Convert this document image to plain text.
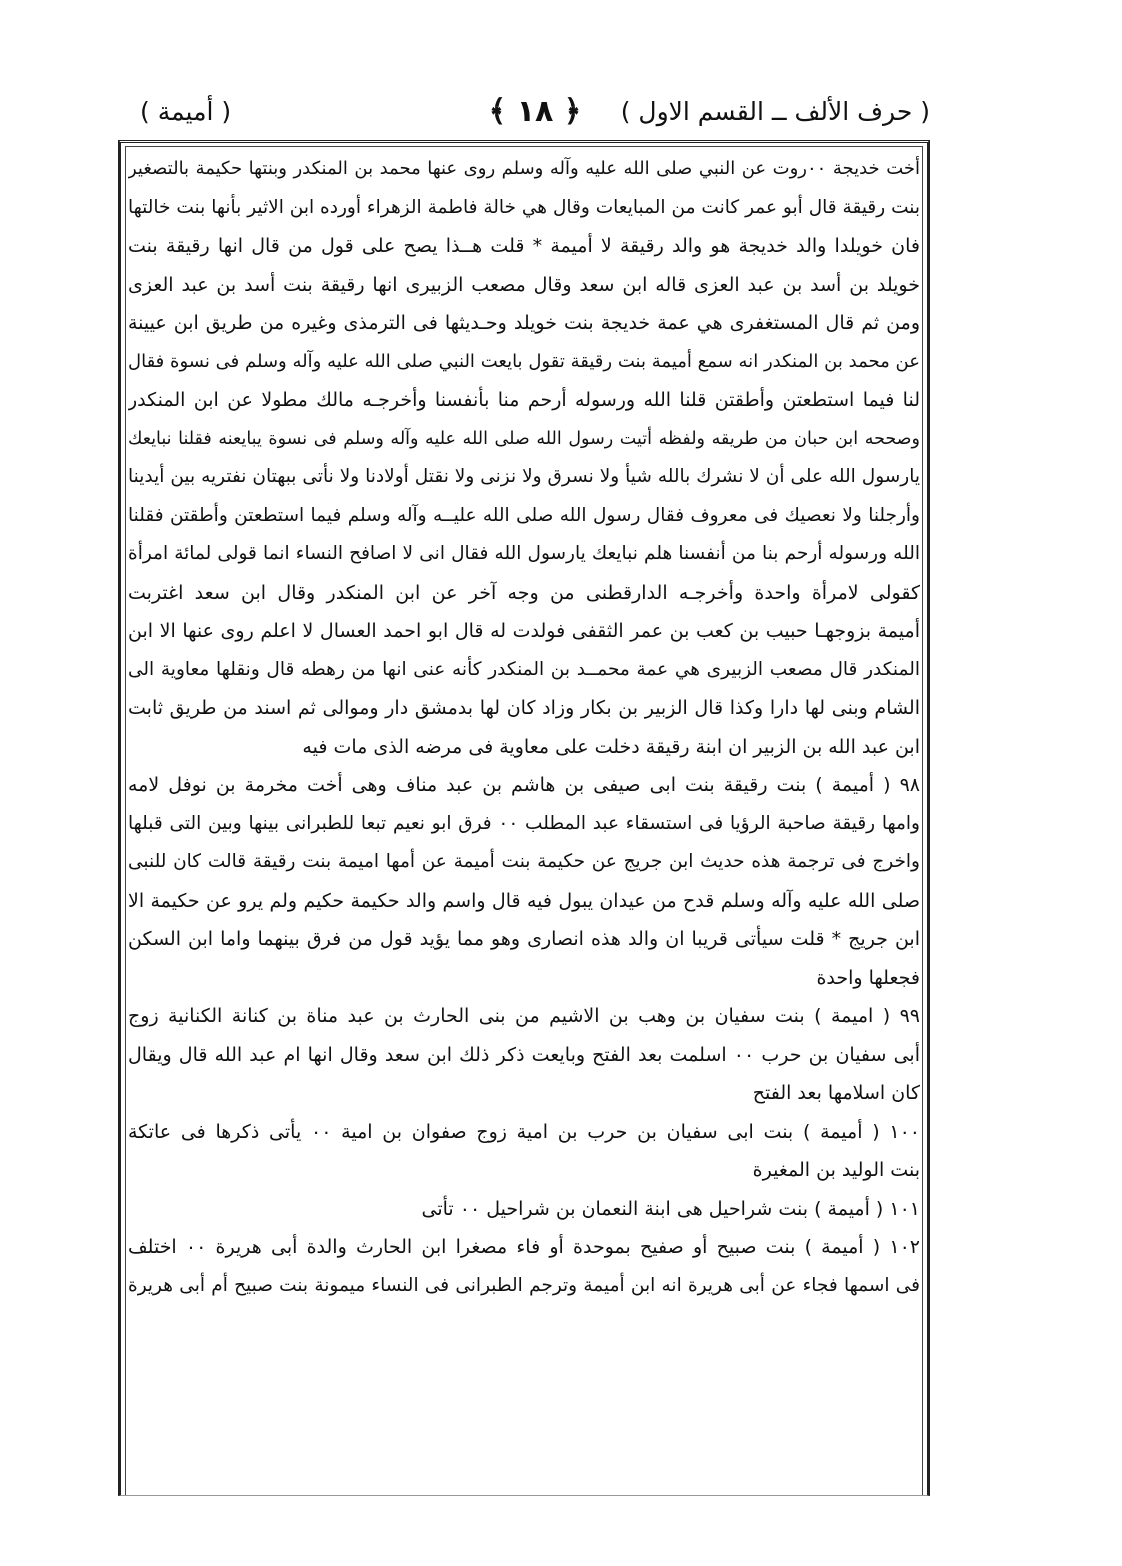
( حرف الألف ــ القسم الاول )
﴿ ١٨ ﴾
( أميمة )
أخت خديجة ٠٠روت عن النبي صلى الله عليه وآله وسلم روى عنها محمد بن المنكدر وبنتها حكيمة بالتصغير
بنت رقيقة قال أبو عمر كانت من المبايعات وقال هي خالة فاطمة الزهراء أورده ابن الاثير بأنها بنت خالتها
فان خويلدا والد خديجة هو والد رقيقة لا أميمة * قلت هــذا يصح على قول من قال انها رقيقة بنت
خويلد بن أسد بن عبد العزى قاله ابن سعد وقال مصعب الزبيرى انها رقيقة بنت أسد بن عبد العزى
ومن ثم قال المستغفرى هي عمة خديجة بنت خويلد وحـديثها فى الترمذى وغيره من طريق ابن عيينة
عن محمد بن المنكدر انه سمع أميمة بنت رقيقة تقول بايعت النبي صلى الله عليه وآله وسلم فى نسوة فقال
لنا فيما استطعتن وأطقتن قلنا الله ورسوله أرحم منا بأنفسنا وأخرجـه مالك مطولا عن ابن المنكدر
وصححه ابن حبان من طريقه ولفظه أتيت رسول الله صلى الله عليه وآله وسلم فى نسوة يبايعنه فقلنا نبايعك
يارسول الله على أن لا نشرك بالله شيأ ولا نسرق ولا نزنى ولا نقتل أولادنا ولا نأتى ببهتان نفتريه بين أيدينا
وأرجلنا ولا نعصيك فى معروف فقال رسول الله صلى الله عليــه وآله وسلم فيما استطعتن وأطقتن فقلنا
الله ورسوله أرحم بنا من أنفسنا هلم نبايعك يارسول الله فقال انى لا اصافح النساء انما قولى لمائة امرأة
كقولى لامرأة واحدة وأخرجـه الدارقطنى من وجه آخر عن ابن المنكدر وقال ابن سعد اغتربت
أميمة بزوجهـا حبيب بن كعب بن عمر الثقفى فولدت له قال ابو احمد العسال لا اعلم روى عنها الا ابن
المنكدر قال مصعب الزبيرى هي عمة محمــد بن المنكدر كأنه عنى انها من رهطه قال ونقلها معاوية الى
الشام وبنى لها دارا وكذا قال الزبير بن بكار وزاد كان لها بدمشق دار وموالى ثم اسند من طريق ثابت
ابن عبد الله بن الزبير ان ابنة رقيقة دخلت على معاوية فى مرضه الذى مات فيه
٩٨ ( أميمة ) بنت رقيقة بنت ابى صيفى بن هاشم بن عبد مناف وهى أخت مخرمة بن نوفل لامه
وامها رقيقة صاحبة الرؤيا فى استسقاء عبد المطلب ٠٠ فرق ابو نعيم تبعا للطبرانى بينها وبين التى قبلها
واخرج فى ترجمة هذه حديث ابن جريج عن حكيمة بنت أميمة عن أمها اميمة بنت رقيقة قالت كان للنبى
صلى الله عليه وآله وسلم قدح من عيدان يبول فيه قال واسم والد حكيمة حكيم ولم يرو عن حكيمة الا
ابن جريج * قلت سيأتى قريبا ان والد هذه انصارى وهو مما يؤيد قول من فرق بينهما واما ابن السكن
فجعلها واحدة
٩٩ ( اميمة ) بنت سفيان بن وهب بن الاشيم من بنى الحارث بن عبد مناة بن كنانة الكنانية زوج
أبى سفيان بن حرب ٠٠ اسلمت بعد الفتح وبايعت ذكر ذلك ابن سعد وقال انها ام عبد الله قال ويقال
كان اسلامها بعد الفتح
١٠٠ ( أميمة ) بنت ابى سفيان بن حرب بن امية زوج صفوان بن امية ٠٠ يأتى ذكرها فى عاتكة
بنت الوليد بن المغيرة
١٠١ ( أميمة ) بنت شراحيل هى ابنة النعمان بن شراحيل ٠٠ تأتى
١٠٢ ( أميمة ) بنت صبيح أو صفيح بموحدة أو فاء مصغرا ابن الحارث والدة أبى هريرة ٠٠ اختلف
فى اسمها فجاء عن أبى هريرة انه ابن أميمة وترجم الطبرانى فى النساء ميمونة بنت صبيح أم أبى هريرة
